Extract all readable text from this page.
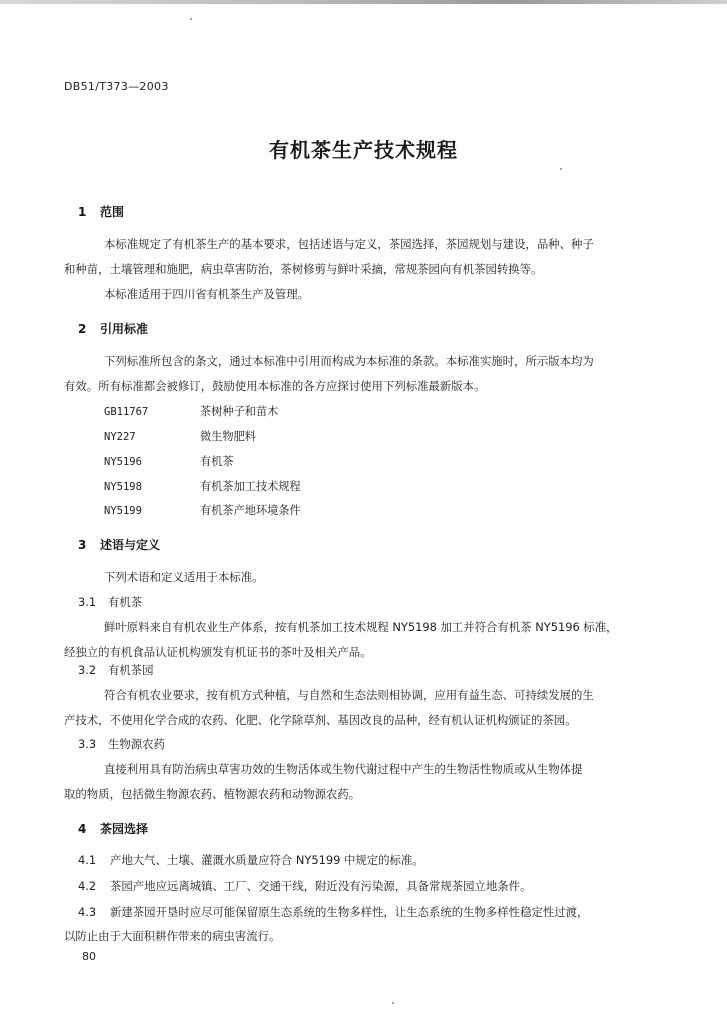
DB51/T373—2003
有机茶生产技术规程
1 范围
本标准规定了有机茶生产的基本要求，包括述语与定义，茶园选择，茶园规划与建设，品种、种子
和种苗，土壤管理和施肥，病虫草害防治，茶树修剪与鲜叶采摘，常规茶园向有机茶园转换等。
本标准适用于四川省有机茶生产及管理。
2 引用标准
下列标准所包含的条文，通过本标准中引用而构成为本标准的条款。本标准实施时，所示版本均为
有效。所有标准都会被修订，鼓励使用本标准的各方应探讨使用下列标准最新版本。
GB11767	茶树种子和苗木
NY227	微生物肥料
NY5196	有机茶
NY5198	有机茶加工技术规程
NY5199	有机茶产地环境条件
3 述语与定义
下列术语和定义适用于本标准。
3.1 有机茶
鲜叶原料来自有机农业生产体系，按有机茶加工技术规程 NY5198 加工并符合有机茶 NY5196 标准，
经独立的有机食品认证机构颁发有机证书的茶叶及相关产品。
3.2 有机茶园
符合有机农业要求，按有机方式种植，与自然和生态法则相协调，应用有益生态、可持续发展的生
产技术，不使用化学合成的农药、化肥、化学除草剂、基因改良的品种，经有机认证机构颁证的茶园。
3.3 生物源农药
直接利用具有防治病虫草害功效的生物活体或生物代谢过程中产生的生物活性物质或从生物体提
取的物质，包括微生物源农药、植物源农药和动物源农药。
4 茶园选择
4.1 产地大气、土壤、灌溉水质量应符合 NY5199 中规定的标准。
4.2 茶园产地应远离城镇、工厂、交通干线，附近没有污染源，具备常规茶园立地条件。
4.3 新建茶园开垦时应尽可能保留原生态系统的生物多样性，让生态系统的生物多样性稳定性过渡，
以防止由于大面积耕作带来的病虫害流行。
80
